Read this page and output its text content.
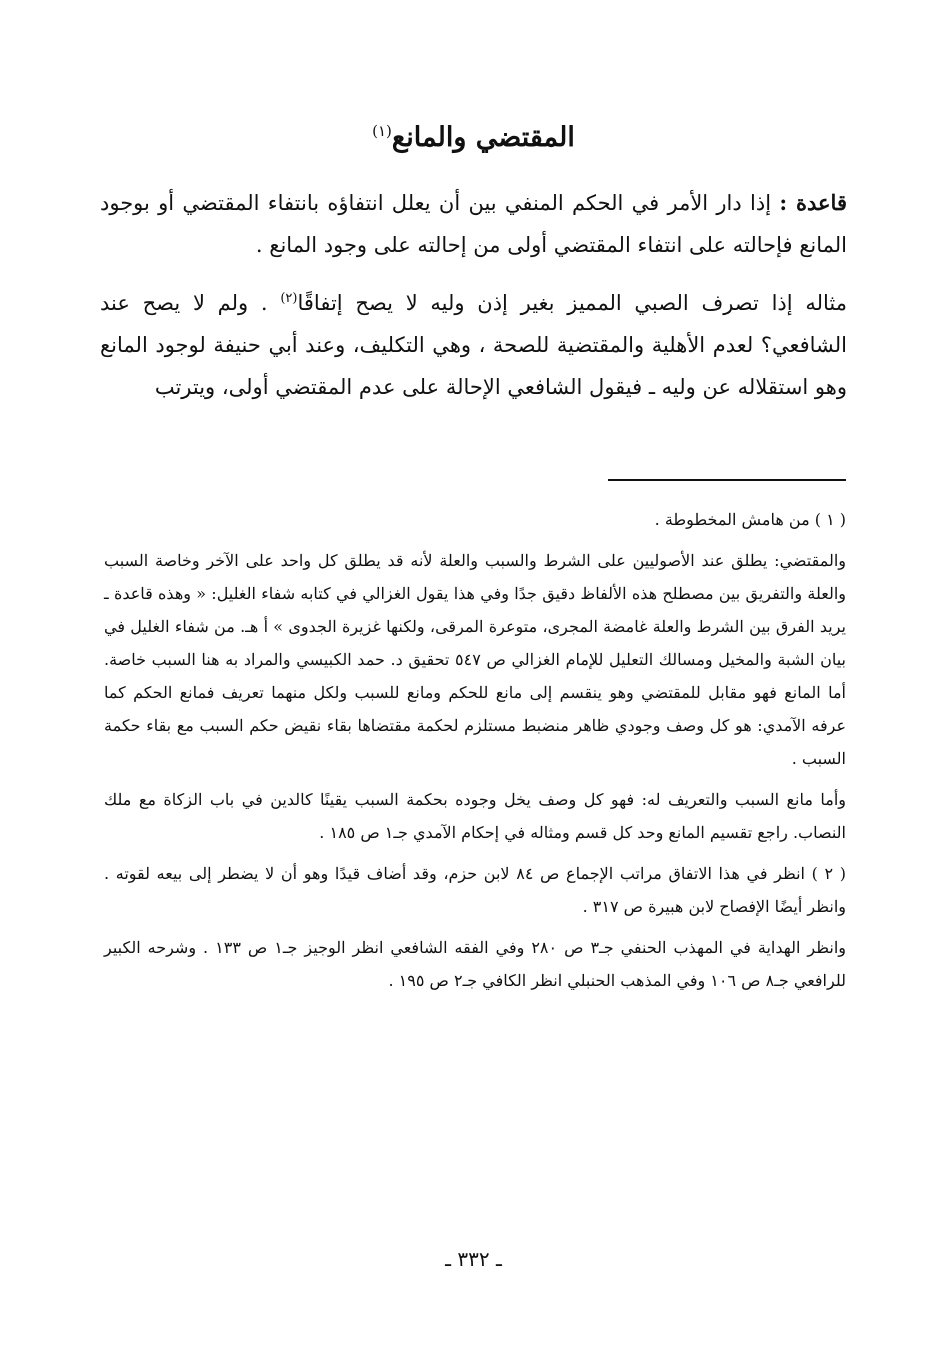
المقتضي والمانع$^{(١)}$

قاعدة : إذا دار الأمر في الحكم المنفي بين أن يعلل انتفاؤه بانتفاء المقتضي أو بوجود المانع فإحالته على انتفاء المقتضي أولى من إحالته على وجود المانع .

مثاله إذا تصرف الصبي المميز بغير إذن وليه لا يصح إتفاقًا$^{(٢)}$ . ولم لا يصح عند الشافعي؟ لعدم الأهلية والمقتضية للصحة ، وهي التكليف، وعند أبي حنيفة لوجود المانع وهو استقلاله عن وليه ـ فيقول الشافعي الإحالة على عدم المقتضي أولى، ويترتب

( ١ ) من هامش المخطوطة .

والمقتضي: يطلق عند الأصوليين على الشرط والسبب والعلة لأنه قد يطلق كل واحد على الآخر وخاصة السبب والعلة والتفريق بين مصطلح هذه الألفاظ دقيق جدًا وفي هذا يقول الغزالي في كتابه شفاء الغليل: « وهذه قاعدة ـ يريد الفرق بين الشرط والعلة غامضة المجرى، متوعرة المرقى، ولكنها غزيرة الجدوى » أ هـ. من شفاء الغليل في بيان الشبة والمخيل ومسالك التعليل للإمام الغزالي ص ٥٤٧ تحقيق د. حمد الكبيسي والمراد به هنا السبب خاصة. أما المانع فهو مقابل للمقتضي وهو ينقسم إلى مانع للحكم ومانع للسبب ولكل منهما تعريف فمانع الحكم كما عرفه الآمدي: هو كل وصف وجودي ظاهر منضبط مستلزم لحكمة مقتضاها بقاء نقيض حكم السبب مع بقاء حكمة السبب .

وأما مانع السبب والتعريف له: فهو كل وصف يخل وجوده بحكمة السبب يقينًا كالدين في باب الزكاة مع ملك النصاب. راجع تقسيم المانع وحد كل قسم ومثاله في إحكام الآمدي جـ١ ص ١٨٥ .

( ٢ ) انظر في هذا الاتفاق مراتب الإجماع ص ٨٤ لابن حزم، وقد أضاف قيدًا وهو أن لا يضطر إلى بيعه لقوته . وانظر أيضًا الإفصاح لابن هبيرة ص ٣١٧ .

وانظر الهداية في المهذب الحنفي جـ٣ ص ٢٨٠ وفي الفقه الشافعي انظر الوجيز جـ١ ص ١٣٣ . وشرحه الكبير للرافعي جـ٨ ص ١٠٦ وفي المذهب الحنبلي انظر الكافي جـ٢ ص ١٩٥ .

ـ ٣٣٢ ـ
